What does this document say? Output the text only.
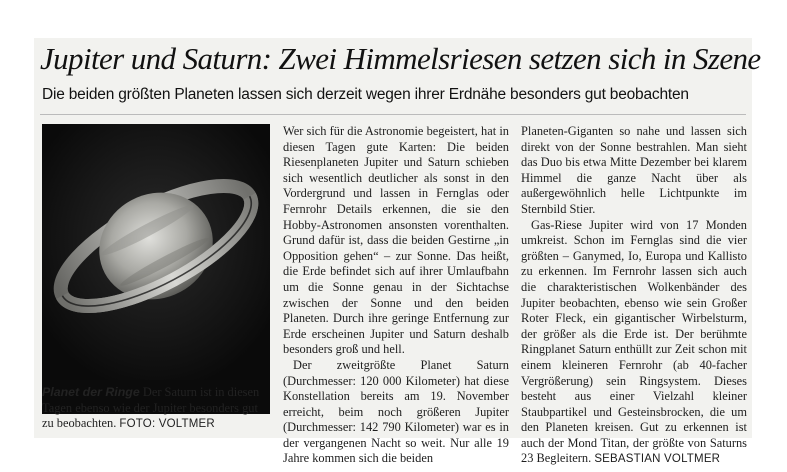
Jupiter und Saturn: Zwei Himmelsriesen setzen sich in Szene
Die beiden größten Planeten lassen sich derzeit wegen ihrer Erdnähe besonders gut beobachten
Planet der Ringe Der Saturn ist in diesen Tagen ebenso wie der Jupiter besonders gut zu beobachten. FOTO: VOLTMER

Wer sich für die Astronomie begeistert, hat in diesen Tagen gute Karten: Die beiden Riesenplaneten Jupiter und Saturn schieben sich wesentlich deutlicher als sonst in den Vordergrund und lassen in Fernglas oder Fernrohr Details erkennen, die sie den Hobby-Astronomen ansonsten vorenthalten. Grund dafür ist, dass die beiden Gestirne „in Opposition gehen“ – zur Sonne. Das heißt, die Erde befindet sich auf ihrer Umlaufbahn um die Sonne genau in der Sichtachse zwischen der Sonne und den beiden Planeten. Durch ihre geringe Entfernung zur Erde erscheinen Jupiter und Saturn deshalb besonders groß und hell.

Der zweitgrößte Planet Saturn (Durchmesser: 120 000 Kilometer) hat diese Konstellation bereits am 19. November erreicht, beim noch größeren Jupiter (Durchmesser: 142 790 Kilometer) war es in der vergangenen Nacht so weit. Nur alle 19 Jahre kommen sich die beiden

Planeten-Giganten so nahe und lassen sich direkt von der Sonne bestrahlen. Man sieht das Duo bis etwa Mitte Dezember bei klarem Himmel die ganze Nacht über als außergewöhnlich helle Lichtpunkte im Sternbild Stier.

Gas-Riese Jupiter wird von 17 Monden umkreist. Schon im Fernglas sind die vier größten – Ganymed, Io, Europa und Kallisto zu erkennen. Im Fernrohr lassen sich auch die charakteristischen Wolkenbänder des Jupiter beobachten, ebenso wie sein Großer Roter Fleck, ein gigantischer Wirbelsturm, der größer als die Erde ist. Der berühmte Ringplanet Saturn enthüllt zur Zeit schon mit einem kleineren Fernrohr (ab 40-facher Vergrößerung) sein Ringsystem. Dieses besteht aus einer Vielzahl kleiner Staubpartikel und Gesteinsbrocken, die um den Planeten kreisen. Gut zu erkennen ist auch der Mond Titan, der größte von Saturns 23 Begleitern. SEBASTIAN VOLTMER
